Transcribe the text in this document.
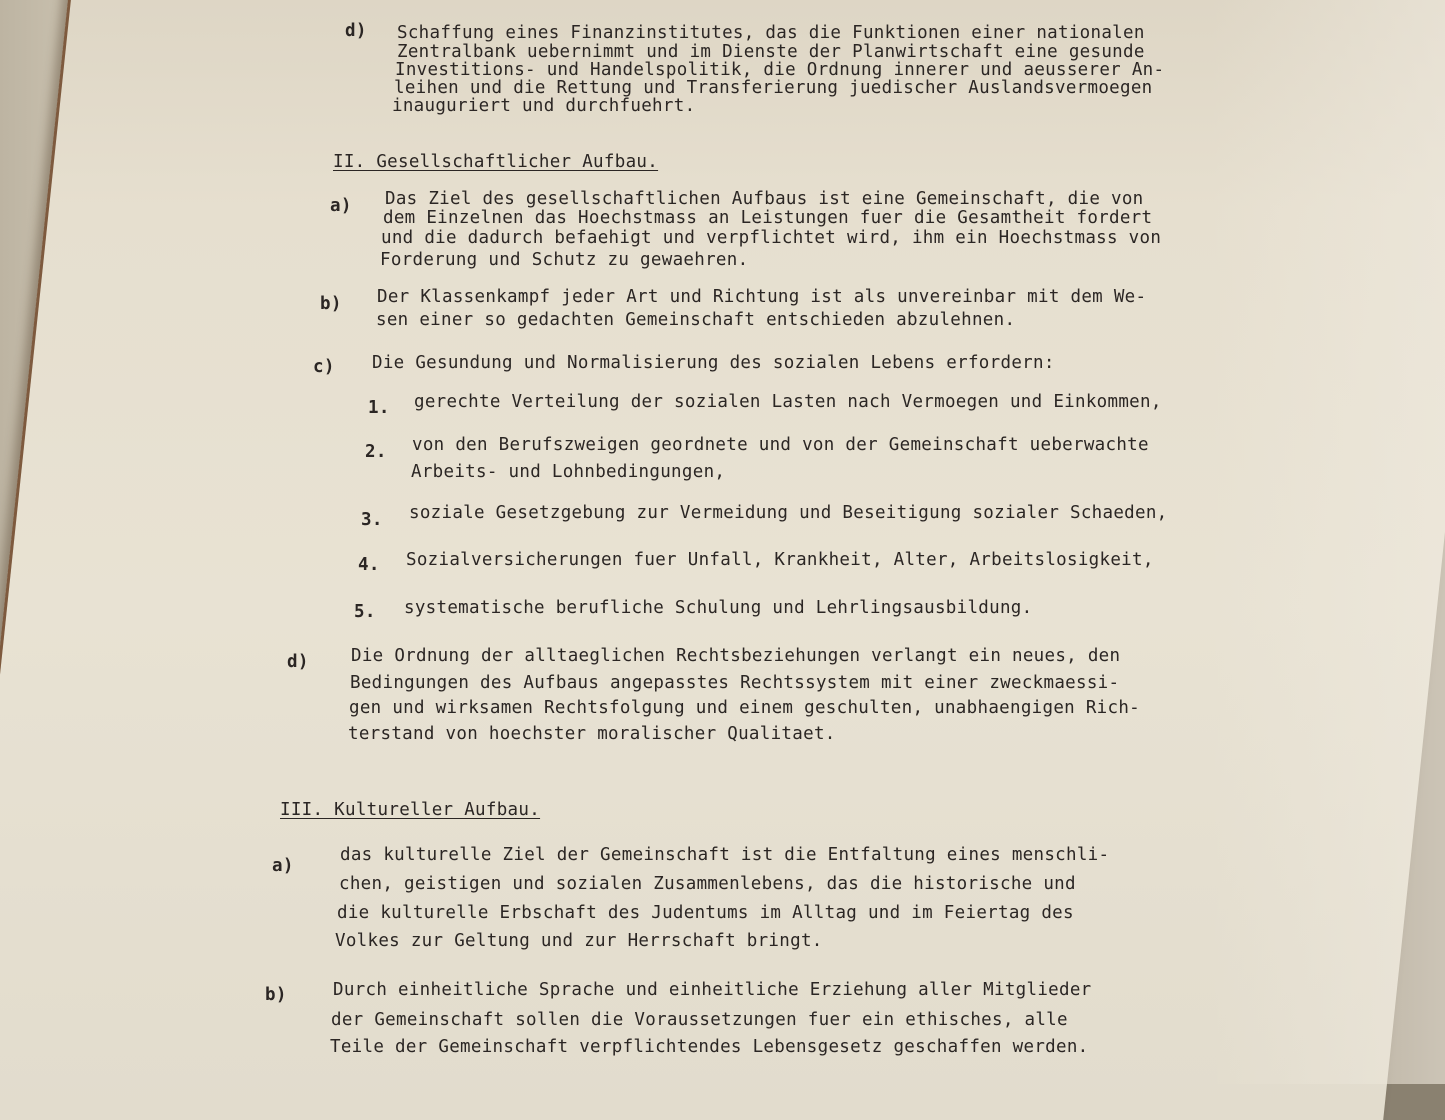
d) Schaffung eines Finanzinstitutes, das die Funktionen einer nationalen
Zentralbank uebernimmt und im Dienste der Planwirtschaft eine gesunde
Investitions- und Handelspolitik, die Ordnung innerer und aeusserer An-
leihen und die Rettung und Transferierung juedischer Auslandsvermoegen
inauguriert und durchfuehrt.
II. Gesellschaftlicher Aufbau.
a) Das Ziel des gesellschaftlichen Aufbaus ist eine Gemeinschaft, die von
dem Einzelnen das Hoechstmass an Leistungen fuer die Gesamtheit fordert
und die dadurch befaehigt und verpflichtet wird, ihm ein Hoechstmass von
Forderung und Schutz zu gewaehren.
b) Der Klassenkampf jeder Art und Richtung ist als unvereinbar mit dem We-
sen einer so gedachten Gemeinschaft entschieden abzulehnen.
c) Die Gesundung und Normalisierung des sozialen Lebens erfordern:
1. gerechte Verteilung der sozialen Lasten nach Vermoegen und Einkommen,
2. von den Berufszweigen geordnete und von der Gemeinschaft ueberwachte
Arbeits- und Lohnbedingungen,
3. soziale Gesetzgebung zur Vermeidung und Beseitigung sozialer Schaeden,
4. Sozialversicherungen fuer Unfall, Krankheit, Alter, Arbeitslosigkeit,
5. systematische berufliche Schulung und Lehrlingsausbildung.
d) Die Ordnung der alltaeglichen Rechtsbeziehungen verlangt ein neues, den
Bedingungen des Aufbaus angepasstes Rechtssystem mit einer zweckmaessi-
gen und wirksamen Rechtsfolgung und einem geschulten, unabhaengigen Rich-
terstand von hoechster moralischer Qualitaet.
III. Kultureller Aufbau.
a)
das kulturelle Ziel der Gemeinschaft ist die Entfaltung eines menschli-
chen, geistigen und sozialen Zusammenlebens, das die historische und
die kulturelle Erbschaft des Judentums im Alltag und im Feiertag des
Volkes zur Geltung und zur Herrschaft bringt.
b)	Durch einheitliche Sprache und einheitliche Erziehung aller Mitglieder
der Gemeinschaft sollen die Voraussetzungen fuer ein ethisches, alle
Teile der Gemeinschaft verpflichtendes Lebensgesetz geschaffen werden.
